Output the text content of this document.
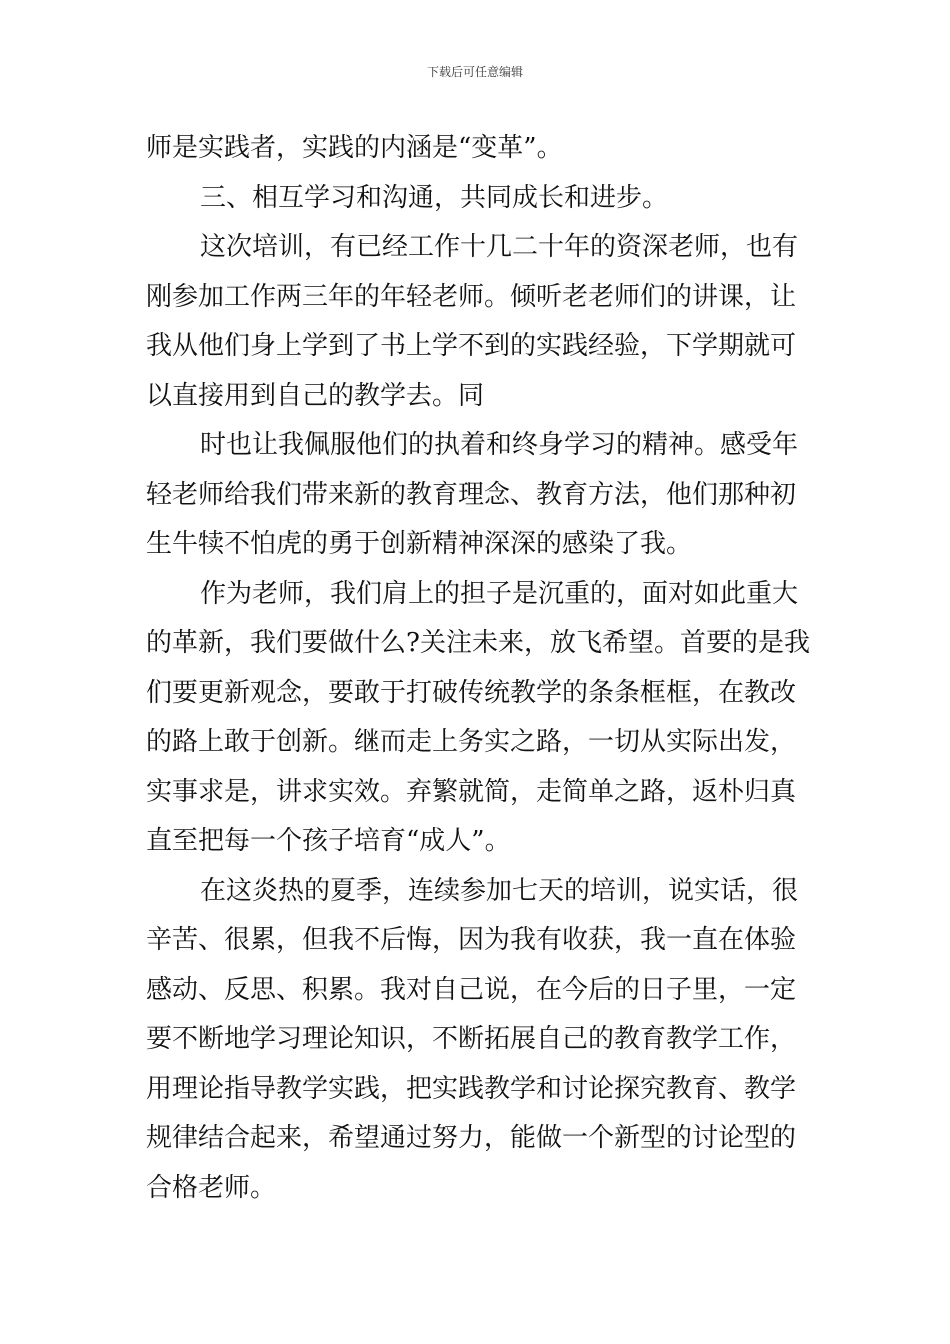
下载后可任意编辑
师是实践者，实践的内涵是“变革”。
三、相互学习和沟通，共同成长和进步。
这次培训，有已经工作十几二十年的资深老师，也有
刚参加工作两三年的年轻老师。倾听老老师们的讲课，让
我从他们身上学到了书上学不到的实践经验，下学期就可
以直接用到自己的教学去。同
时也让我佩服他们的执着和终身学习的精神。感受年
轻老师给我们带来新的教育理念、教育方法，他们那种初
生牛犊不怕虎的勇于创新精神深深的感染了我。
作为老师，我们肩上的担子是沉重的，面对如此重大
的革新，我们要做什么?关注未来，放飞希望。首要的是我
们要更新观念，要敢于打破传统教学的条条框框，在教改
的路上敢于创新。继而走上务实之路，一切从实际出发，
实事求是，讲求实效。弃繁就简，走简单之路，返朴归真
直至把每一个孩子培育“成人”。
在这炎热的夏季，连续参加七天的培训，说实话，很
辛苦、很累，但我不后悔，因为我有收获，我一直在体验
感动、反思、积累。我对自己说，在今后的日子里，一定
要不断地学习理论知识，不断拓展自己的教育教学工作，
用理论指导教学实践，把实践教学和讨论探究教育、教学
规律结合起来，希望通过努力，能做一个新型的讨论型的
合格老师。
